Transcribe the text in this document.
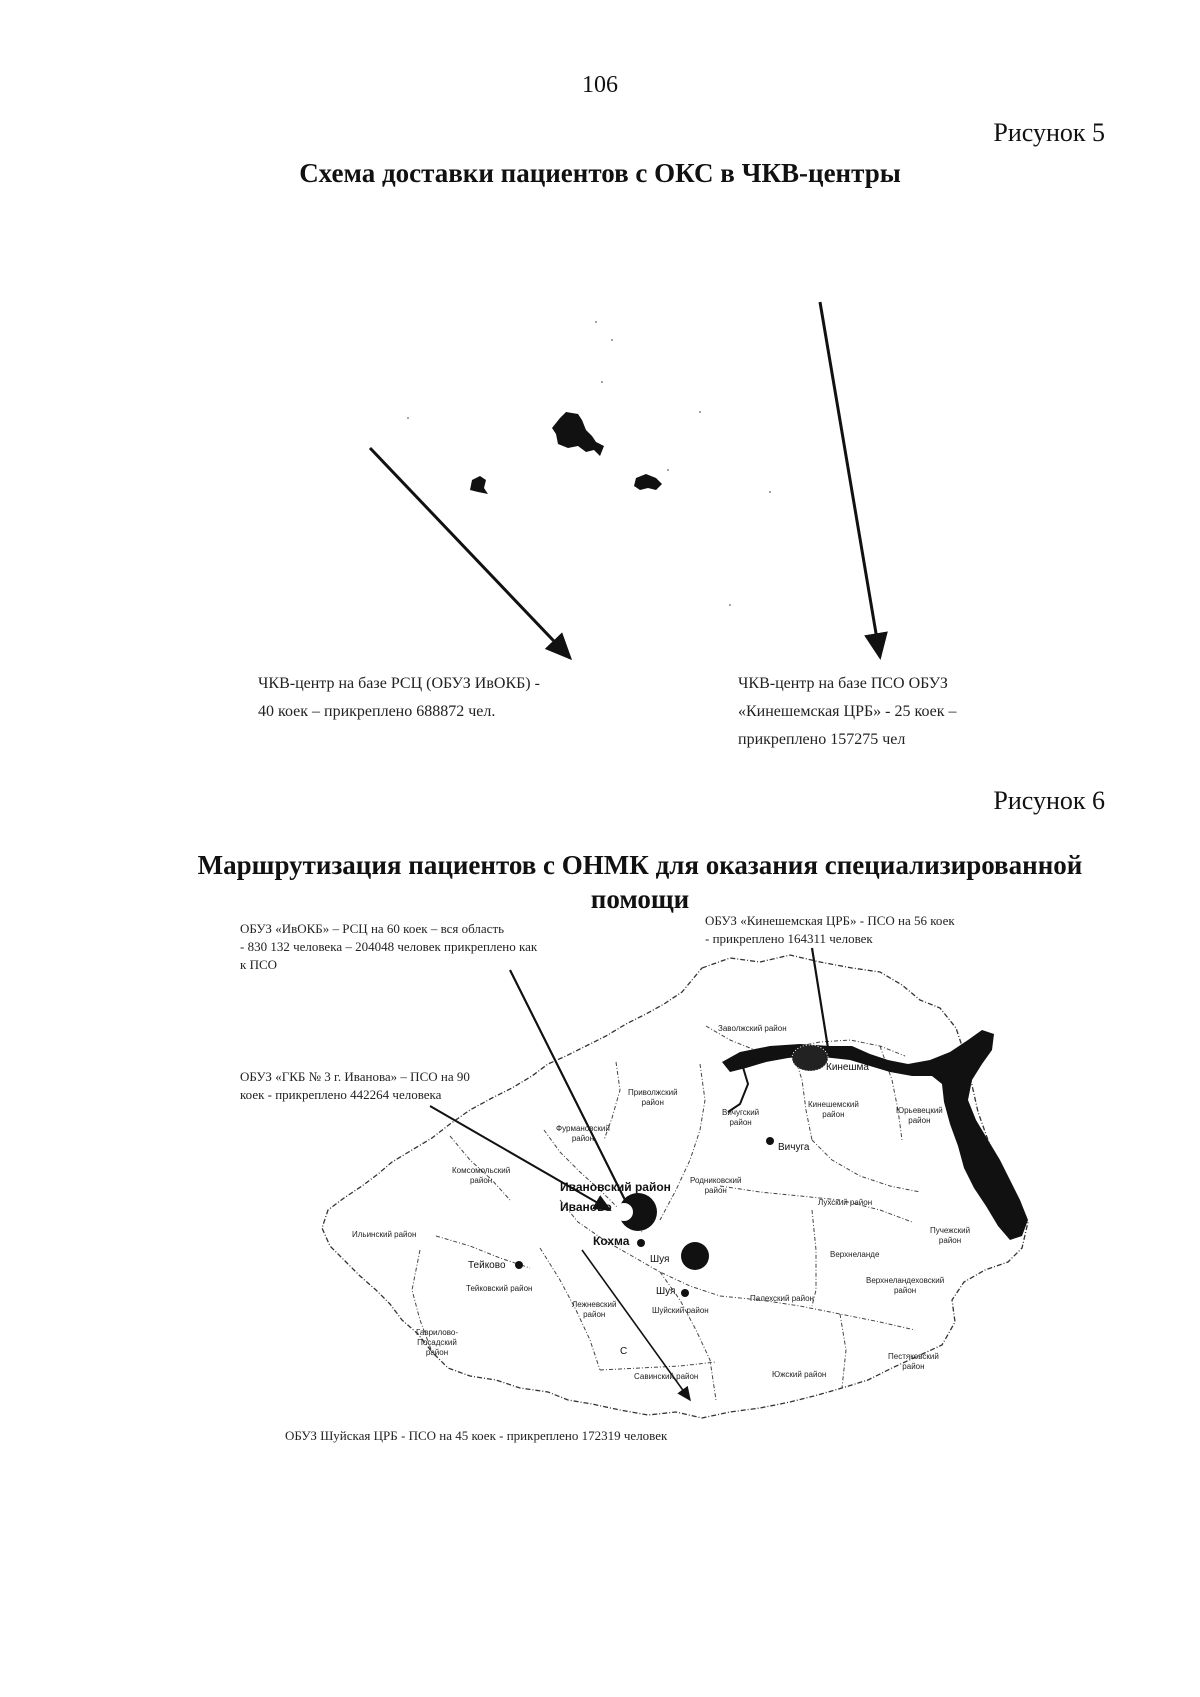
106
Рисунок 5
Схема доставки пациентов с ОКС в ЧКВ-центры
ЧКВ-центр на базе РСЦ (ОБУЗ ИвОКБ) -
40 коек – прикреплено 688872 чел.
ЧКВ-центр на базе ПСО ОБУЗ
«Кинешемская ЦРБ» - 25 коек –
прикреплено 157275 чел
Рисунок 6
Маршрутизация пациентов с ОНМК для оказания специализированной
помощи
ОБУЗ «ИвОКБ» – РСЦ на 60 коек – вся область
- 830 132 человека – 204048 человек прикреплено как
к ПСО
ОБУЗ «Кинешемская ЦРБ» - ПСО на 56 коек
- прикреплено 164311 человек
ОБУЗ «ГКБ № 3 г. Иванова» – ПСО на 90
коек - прикреплено 442264 человека
ОБУЗ Шуйская ЦРБ - ПСО на 45 коек - прикреплено 172319 человек
Заволжский район
Кинешемский
район	Юрьевецкий
район
Приволжский
район
Вичугский
район
Фурмановский
район
Комсомольский
район	Ивановский район Родниковский
район
Лухский район
Пучежский
район
Ильинский район
Верхнеланде
Верхнеландеховский
район
Тейковский район
Лежневский
район	Шуйский район
Палехский район
Гаврилово-
Посадский
район
Южский район
Пестяковский
район
Савинский район
Кинешма
Вичуга
Иваново
Кохма
Шуя
Шуя
Тейково
С
